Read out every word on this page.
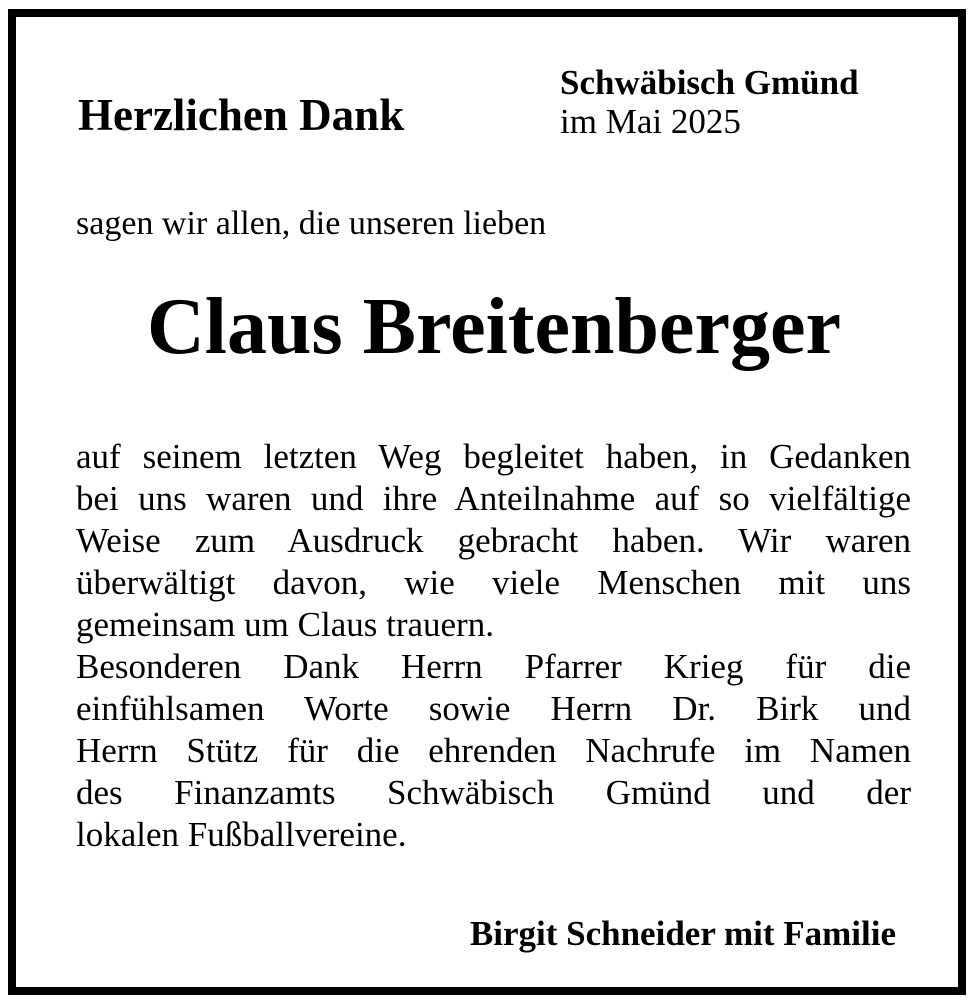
Herzlichen Dank
Schwäbisch Gmünd
im Mai 2025
sagen wir allen, die unseren lieben
Claus Breitenberger
auf seinem letzten Weg begleitet haben, in Gedanken
bei uns waren und ihre Anteilnahme auf so vielfältige
Weise zum Ausdruck gebracht haben. Wir waren
überwältigt davon, wie viele Menschen mit uns
gemeinsam um Claus trauern.
Besonderen Dank Herrn Pfarrer Krieg für die
einfühlsamen Worte sowie Herrn Dr. Birk und
Herrn Stütz für die ehrenden Nachrufe im Namen
des Finanzamts Schwäbisch Gmünd und der
lokalen Fußballvereine.
Birgit Schneider mit Familie
